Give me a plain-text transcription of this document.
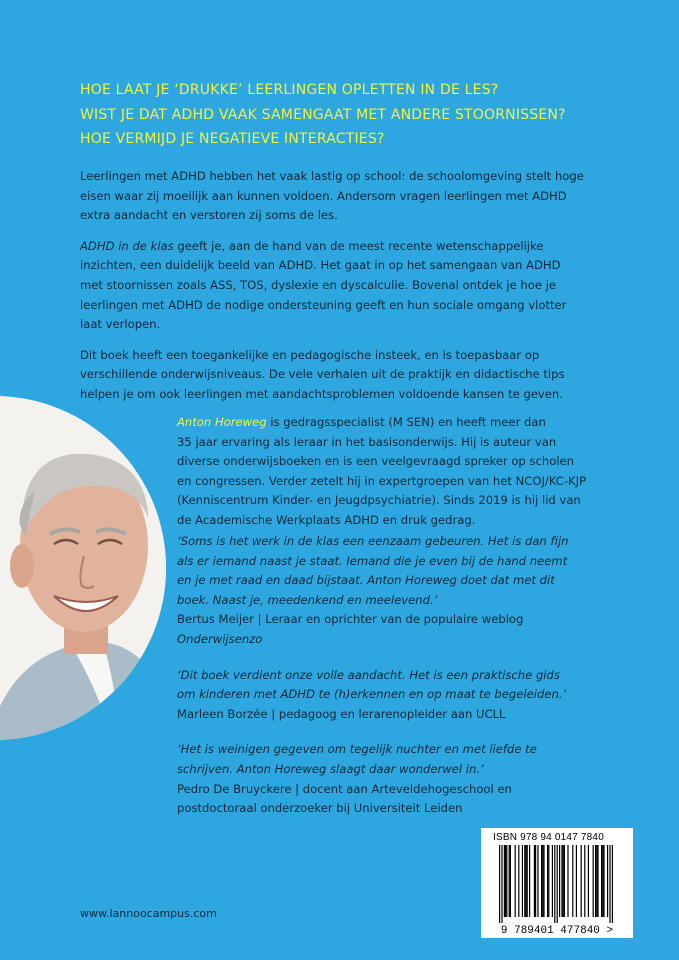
HOE LAAT JE ‘DRUKKE’ LEERLINGEN OPLETTEN IN DE LES?
WIST JE DAT ADHD VAAK SAMENGAAT MET ANDERE STOORNISSEN?
HOE VERMIJD JE NEGATIEVE INTERACTIES?

Leerlingen met ADHD hebben het vaak lastig op school: de schoolomgeving stelt hoge
eisen waar zij moeilijk aan kunnen voldoen. Andersom vragen leerlingen met ADHD
extra aandacht en verstoren zij soms de les.

ADHD in de klas geeft je, aan de hand van de meest recente wetenschappelijke
inzichten, een duidelijk beeld van ADHD. Het gaat in op het samengaan van ADHD
met stoornissen zoals ASS, TOS, dyslexie en dyscalculie. Bovenal ontdek je hoe je
leerlingen met ADHD de nodige ondersteuning geeft en hun sociale omgang vlotter
laat verlopen.

Dit boek heeft een toegankelijke en pedagogische insteek, en is toepasbaar op
verschillende onderwijsniveaus. De vele verhalen uit de praktijk en didactische tips
helpen je om ook leerlingen met aandachtsproblemen voldoende kansen te geven.

Anton Horeweg is gedragsspecialist (M SEN) en heeft meer dan
35 jaar ervaring als leraar in het basisonderwijs. Hij is auteur van
diverse onderwijsboeken en is een veelgevraagd spreker op scholen
en congressen. Verder zetelt hij in expertgroepen van het NCOJ/KC-KJP
(Kenniscentrum Kinder- en Jeugdpsychiatrie). Sinds 2019 is hij lid van
de Academische Werkplaats ADHD en druk gedrag.
‘Soms is het werk in de klas een eenzaam gebeuren. Het is dan fijn
als er iemand naast je staat. Iemand die je even bij de hand neemt
en je met raad en daad bijstaat. Anton Horeweg doet dat met dit
boek. Naast je, meedenkend en meelevend.’
Bertus Meijer | Leraar en oprichter van de populaire weblog
Onderwijsenzo
‘Dit boek verdient onze volle aandacht. Het is een praktische gids
om kinderen met ADHD te (h)erkennen en op maat te begeleiden.’
Marleen Borzée | pedagoog en lerarenopleider aan UCLL
‘Het is weinigen gegeven om tegelijk nuchter en met liefde te
schrijven. Anton Horeweg slaagt daar wonderwel in.’
Pedro De Bruyckere | docent aan Arteveldehogeschool en
postdoctoraal onderzoeker bij Universiteit Leiden
ISBN 978 94 0147 7840
9 789401 477840 >
www.lannoocampus.com
